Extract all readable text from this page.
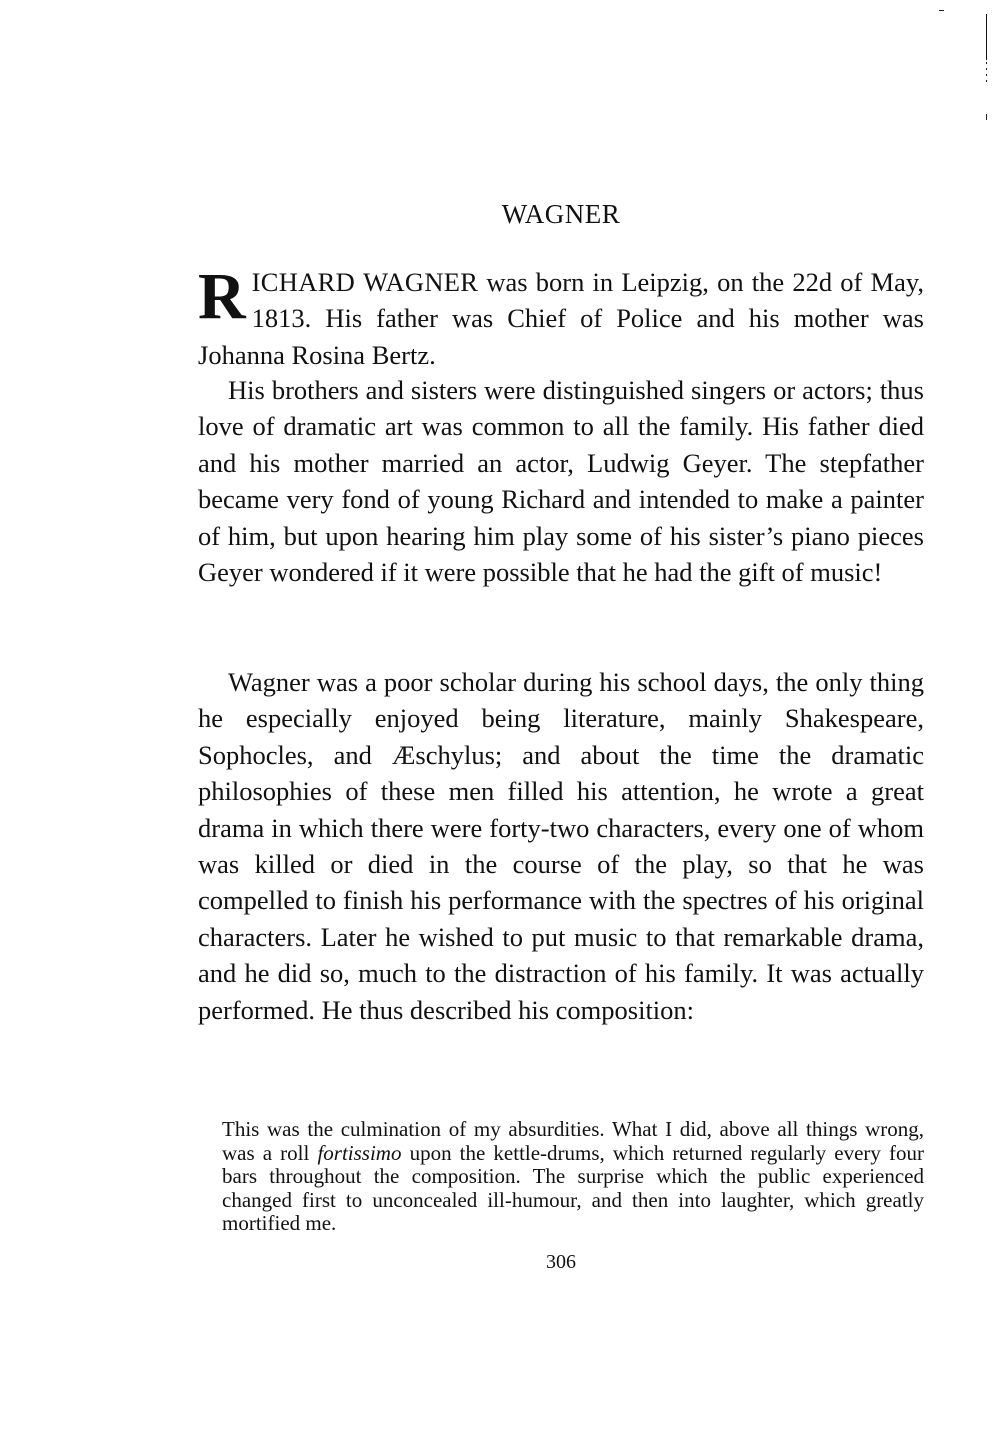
WAGNER

RICHARD WAGNER was born in Leipzig, on the 22d of May, 1813. His father was Chief of Police and his mother was Johanna Rosina Bertz.

His brothers and sisters were distinguished singers or actors; thus love of dramatic art was common to all the family. His father died and his mother married an actor, Ludwig Geyer. The stepfather became very fond of young Richard and intended to make a painter of him, but upon hearing him play some of his sister’s piano pieces Geyer wondered if it were possible that he had the gift of music!

Wagner was a poor scholar during his school days, the only thing he especially enjoyed being literature, mainly Shakespeare, Sophocles, and Æschylus; and about the time the dramatic philosophies of these men filled his attention, he wrote a great drama in which there were forty-two characters, every one of whom was killed or died in the course of the play, so that he was compelled to finish his performance with the spectres of his original characters. Later he wished to put music to that remarkable drama, and he did so, much to the distraction of his family. It was actually performed. He thus described his composition:

This was the culmination of my absurdities. What I did, above all things wrong, was a roll fortissimo upon the kettle-drums, which returned regularly every four bars throughout the composition. The surprise which the public experienced changed first to unconcealed ill-humour, and then into laughter, which greatly mortified me.

306
